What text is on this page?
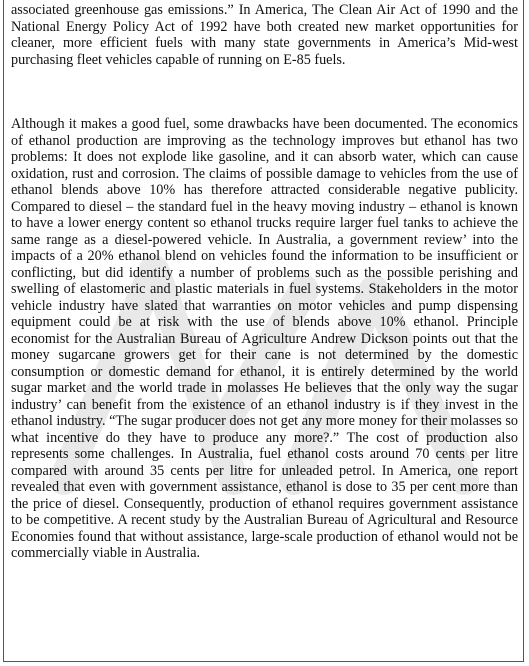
associated greenhouse gas emissions.” In America, The Clean Air Act of 1990 and the National Energy Policy Act of 1992 have both created new market opportunities for cleaner, more efficient fuels with many state governments in America’s Mid-west purchasing fleet vehicles capable of running on E-85 fuels.

Although it makes a good fuel, some drawbacks have been documented. The economics of ethanol production are improving as the technology improves but ethanol has two problems: It does not explode like gasoline, and it can absorb water, which can cause oxidation, rust and corrosion. The claims of possible damage to vehicles from the use of ethanol blends above 10% has therefore attracted considerable negative publicity. Compared to diesel – the standard fuel in the heavy moving industry – ethanol is known to have a lower energy content so ethanol trucks require larger fuel tanks to achieve the same range as a diesel-powered vehicle. In Australia, a government review’ into the impacts of a 20% ethanol blend on vehicles found the information to be insufficient or conflicting, but did identify a number of problems such as the possible perishing and swelling of elastomeric and plastic materials in fuel systems. Stakeholders in the motor vehicle industry have slated that warranties on motor vehicles and pump dispensing equipment could be at risk with the use of blends above 10% ethanol. Principle economist for the Australian Bureau of Agriculture Andrew Dickson points out that the money sugarcane growers get for their cane is not determined by the domestic consumption or domestic demand for ethanol, it is entirely determined by the world sugar market and the world trade in molasses He believes that the only way the sugar industry’ can benefit from the existence of an ethanol industry is if they invest in the ethanol industry. “The sugar producer does not get any more money for their molasses so what incentive do they have to produce any more?.” The cost of production also represents some challenges. In Australia, fuel ethanol costs around 70 cents per litre compared with around 35 cents per litre for unleaded petrol. In America, one report revealed that even with government assistance, ethanol is dose to 35 per cent more than the price of diesel. Consequently, production of ethanol requires government assistance to be competitive. A recent study by the Australian Bureau of Agricultural and Resource Economies found that without assistance, large-scale production of ethanol would not be commercially viable in Australia.
